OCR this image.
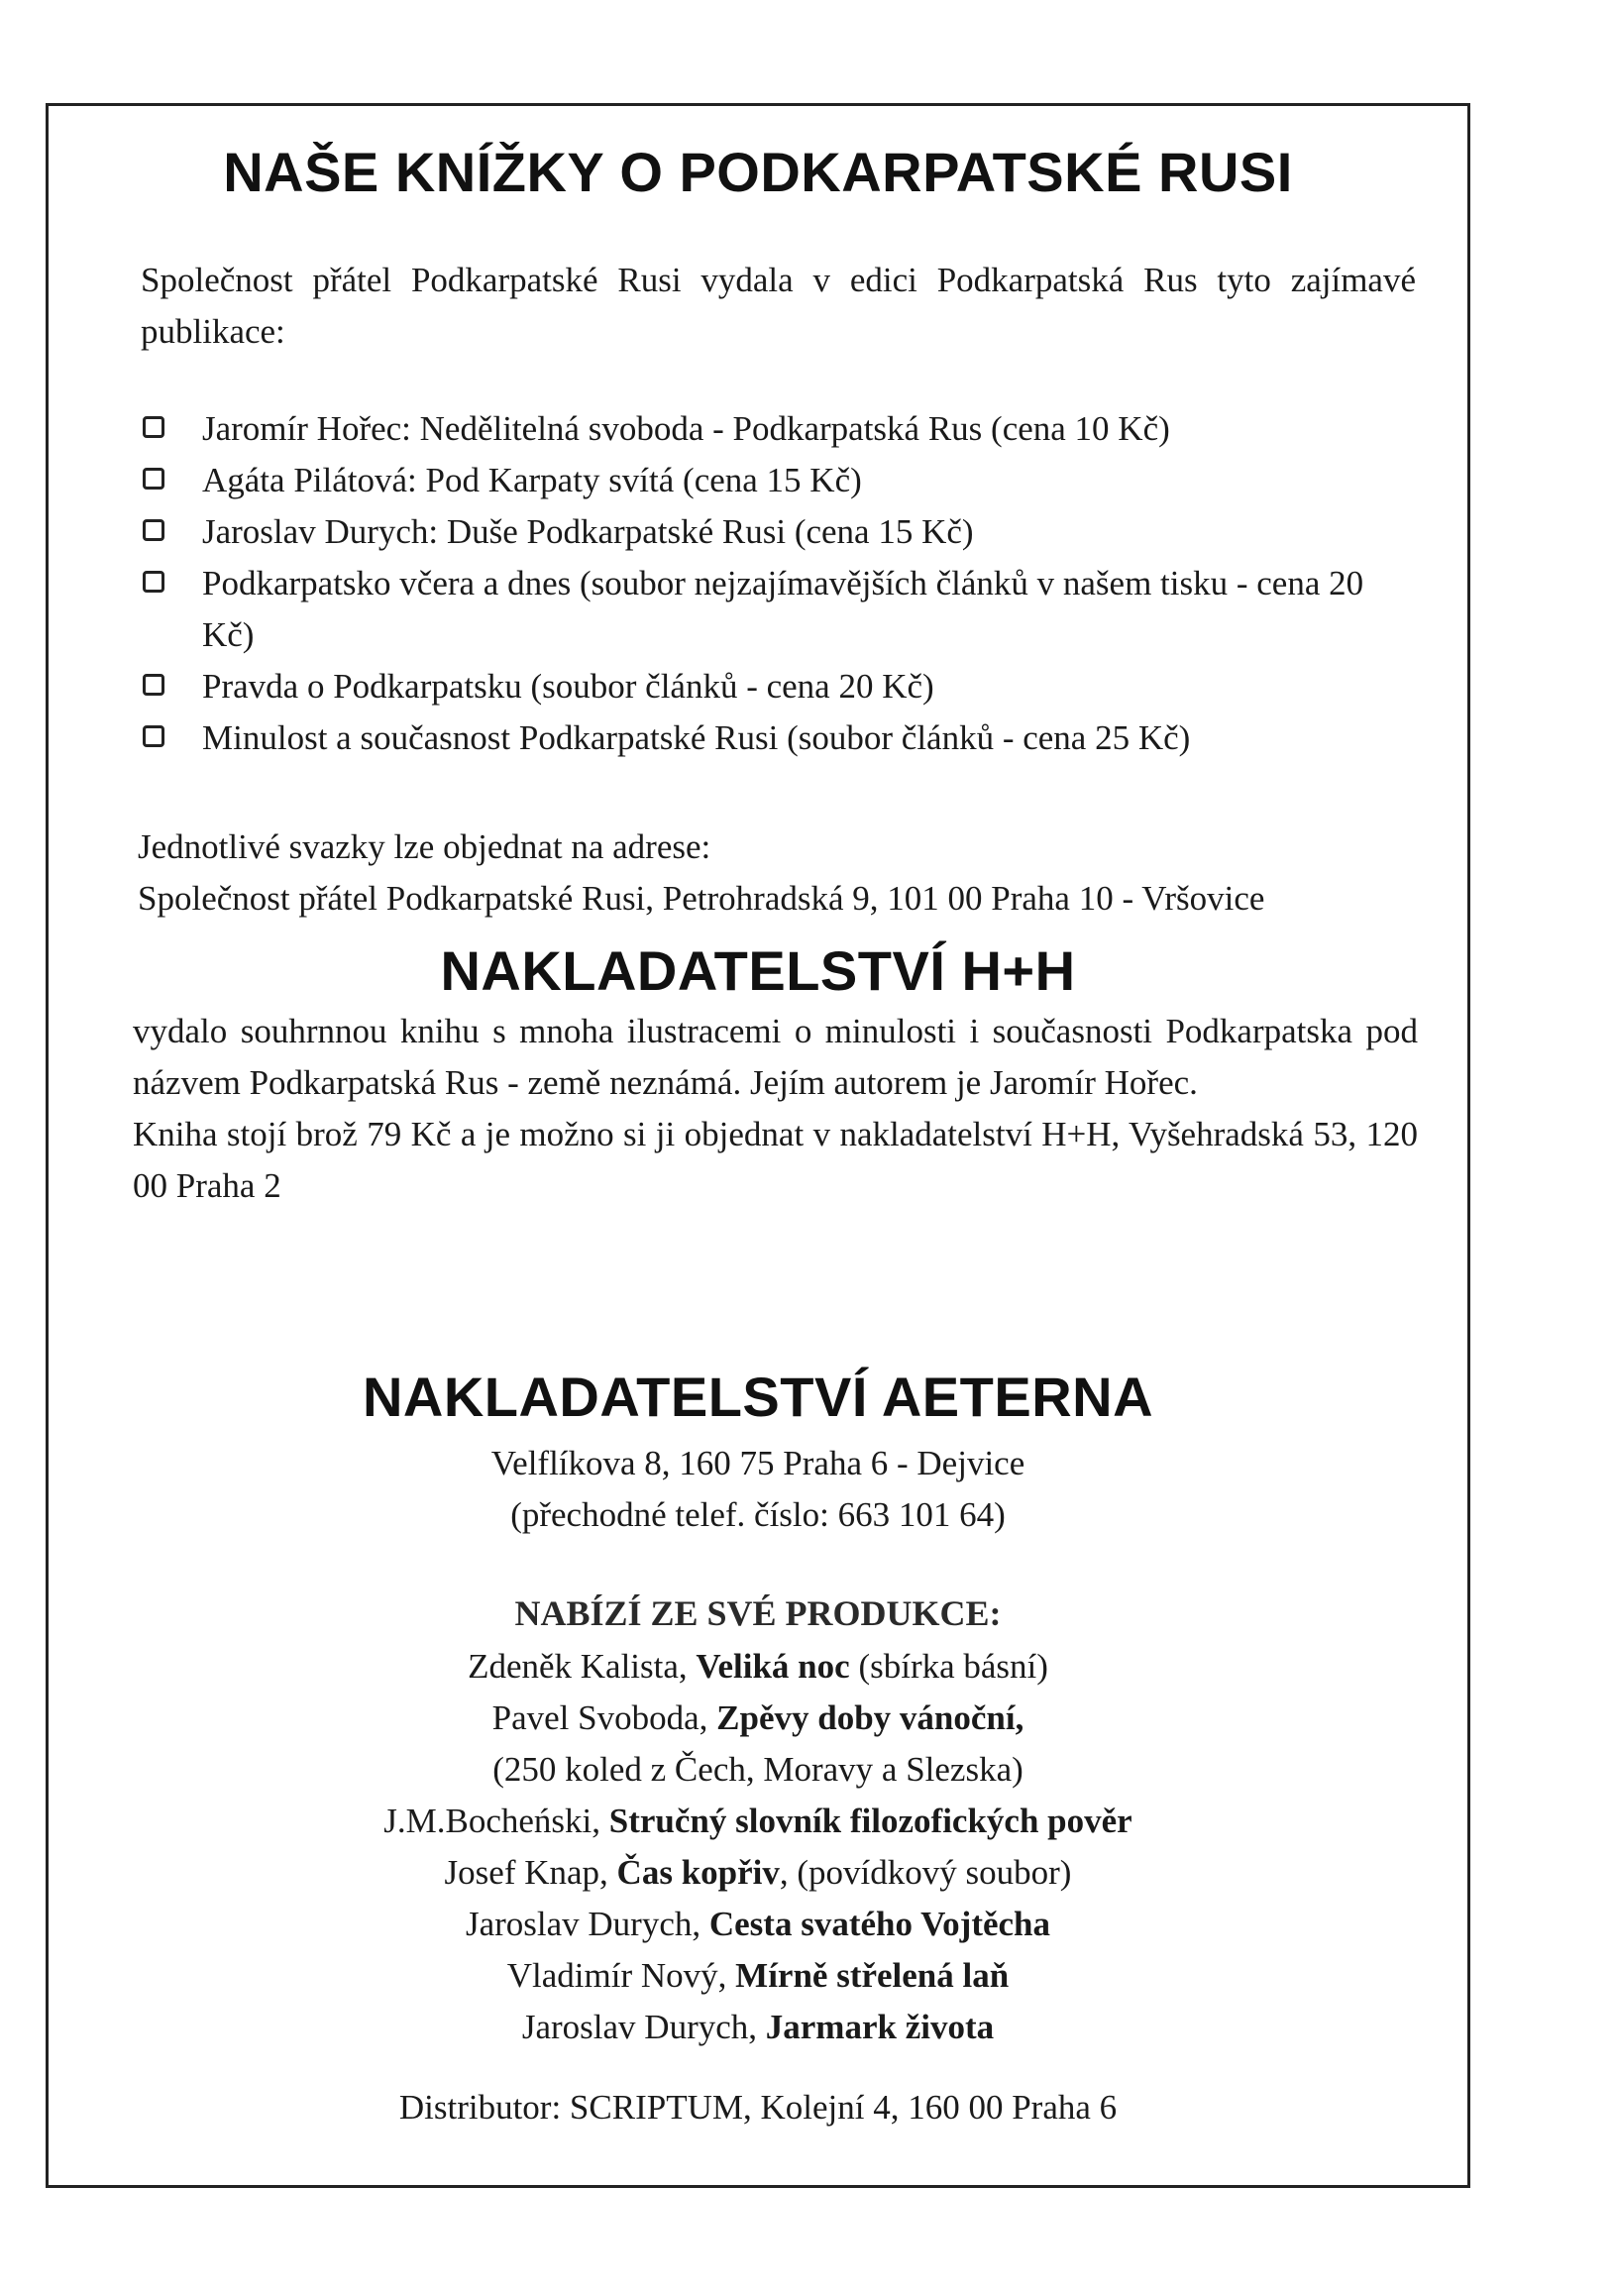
NAŠE KNÍŽKY O PODKARPATSKÉ RUSI

Společnost přátel Podkarpatské Rusi vydala v edici Podkarpatská Rus tyto zajímavé publikace:

Jaromír Hořec: Nedělitelná svoboda - Podkarpatská Rus (cena 10 Kč)
Agáta Pilátová: Pod Karpaty svítá (cena 15 Kč)
Jaroslav Durych: Duše Podkarpatské Rusi (cena 15 Kč)
Podkarpatsko včera a dnes (soubor nejzajímavějších článků v našem tisku - cena 20 Kč)
Pravda o Podkarpatsku (soubor článků - cena 20 Kč)
Minulost a současnost Podkarpatské Rusi (soubor článků - cena 25 Kč)

Jednotlivé svazky lze objednat na adrese:

Společnost přátel Podkarpatské Rusi, Petrohradská 9, 101 00 Praha 10 - Vršovice

NAKLADATELSTVÍ H+H

vydalo souhrnnou knihu s mnoha ilustracemi o minulosti i současnosti Podkarpatska pod názvem Podkarpatská Rus - země neznámá. Jejím autorem je Jaromír Hořec.

Kniha stojí brož 79 Kč a je možno si ji objednat v nakladatelství H+H, Vyšehradská 53, 120 00 Praha 2

NAKLADATELSTVÍ AETERNA

Velflíkova 8, 160 75 Praha 6 - Dejvice

(přechodné telef. číslo: 663 101 64)

NABÍZÍ ZE SVÉ PRODUKCE:
Zdeněk Kalista, Veliká noc (sbírka básní)
Pavel Svoboda, Zpěvy doby vánoční,
(250 koled z Čech, Moravy a Slezska)
J.M.Bocheński, Stručný slovník filozofických pověr
Josef Knap, Čas kopřiv, (povídkový soubor)
Jaroslav Durych, Cesta svatého Vojtěcha
Vladimír Nový, Mírně střelená laň
Jaroslav Durych, Jarmark života
Distributor: SCRIPTUM, Kolejní 4, 160 00 Praha 6
